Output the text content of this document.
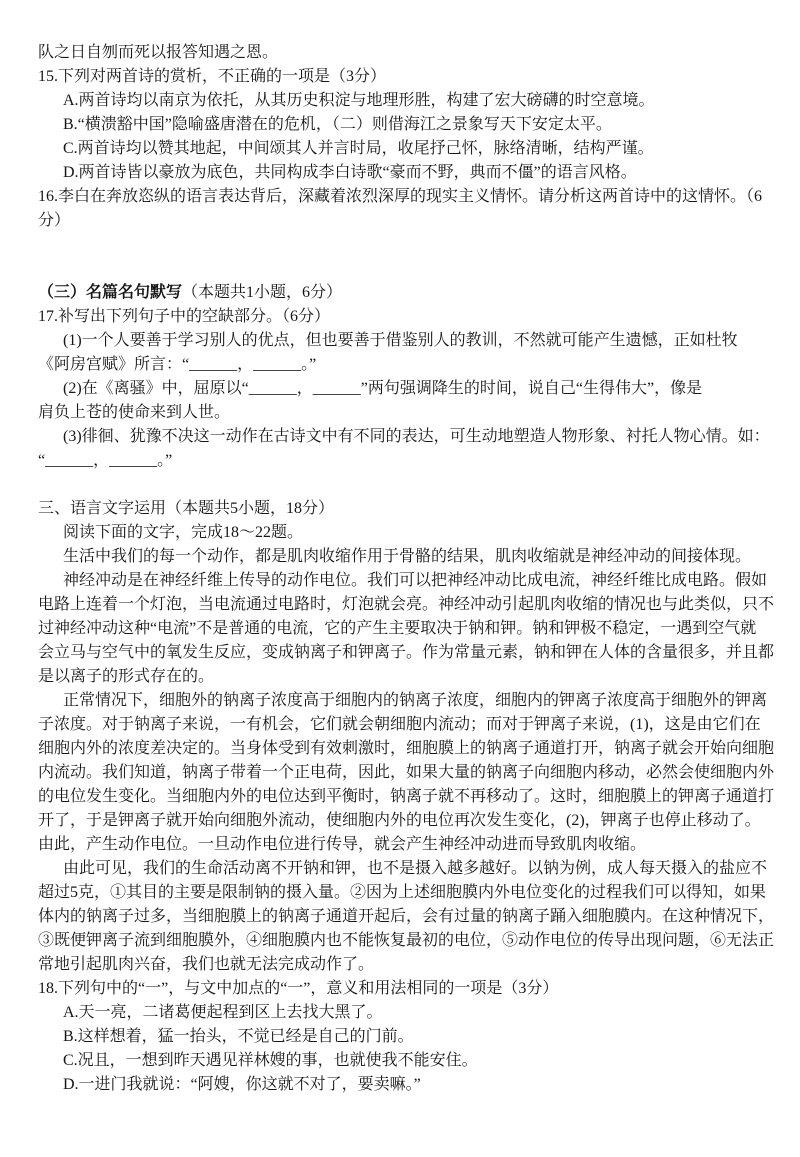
队之日自刎而死以报答知遇之恩。
15.下列对两首诗的赏析，不正确的一项是（3分）
A.两首诗均以南京为依托，从其历史积淀与地理形胜，构建了宏大磅礴的时空意境。
B.“横溃豁中国”隐喻盛唐潜在的危机，（二）则借海江之景象写天下安定太平。
C.两首诗均以赞其地起，中间颂其人并言时局，收尾抒己怀，脉络清晰，结构严谨。
D.两首诗皆以豪放为底色，共同构成李白诗歌“豪而不野，典而不僵”的语言风格。
16.李白在奔放恣纵的语言表达背后，深藏着浓烈深厚的现实主义情怀。请分析这两首诗中的这情怀。（6
分）

（三）名篇名句默写（本题共1小题，6分）
17.补写出下列句子中的空缺部分。（6分）
(1)一个人要善于学习别人的优点，但也要善于借鉴别人的教训，不然就可能产生遗憾，正如杜牧
《阿房宫赋》所言：“______，______。”
(2)在《离骚》中，屈原以“______，______”两句强调降生的时间，说自己“生得伟大”，像是
肩负上苍的使命来到人世。
(3)徘徊、犹豫不决这一动作在古诗文中有不同的表达，可生动地塑造人物形象、衬托人物心情。如：
“______，______。”

三、语言文字运用（本题共5小题，18分）
阅读下面的文字，完成18～22题。
生活中我们的每一个动作，都是肌肉收缩作用于骨骼的结果，肌肉收缩就是神经冲动的间接体现。
神经冲动是在神经纤维上传导的动作电位。我们可以把神经冲动比成电流，神经纤维比成电路。假如
电路上连着一个灯泡，当电流通过电路时，灯泡就会亮。神经冲动引起肌肉收缩的情况也与此类似，只不
过神经冲动这种“电流”不是普通的电流，它的产生主要取决于钠和钾。钠和钾极不稳定，一遇到空气就
会立马与空气中的氧发生反应，变成钠离子和钾离子。作为常量元素，钠和钾在人体的含量很多，并且都
是以离子的形式存在的。
正常情况下，细胞外的钠离子浓度高于细胞内的钠离子浓度，细胞内的钾离子浓度高于细胞外的钾离
子浓度。对于钠离子来说，一有机会，它们就会朝细胞内流动；而对于钾离子来说，(1)，这是由它们在
细胞内外的浓度差决定的。当身体受到有效刺激时，细胞膜上的钠离子通道打开，钠离子就会开始向细胞
内流动。我们知道，钠离子带着一个正电荷，因此，如果大量的钠离子向细胞内移动，必然会使细胞内外
的电位发生变化。当细胞内外的电位达到平衡时，钠离子就不再移动了。这时，细胞膜上的钾离子通道打
开了，于是钾离子就开始向细胞外流动，使细胞内外的电位再次发生变化，(2)，钾离子也停止移动了。
由此，产生动作电位。一旦动作电位进行传导，就会产生神经冲动进而导致肌肉收缩。
由此可见，我们的生命活动离不开钠和钾，也不是摄入越多越好。以钠为例，成人每天摄入的盐应不
超过5克，①其目的主要是限制钠的摄入量。②因为上述细胞膜内外电位变化的过程我们可以得知，如果
体内的钠离子过多，当细胞膜上的钠离子通道开起后，会有过量的钠离子踊入细胞膜内。在这种情况下，
③既便钾离子流到细胞膜外，④细胞膜内也不能恢复最初的电位，⑤动作电位的传导出现问题，⑥无法正
常地引起肌肉兴奋，我们也就无法完成动作了。
18.下列句中的“一”，与文中加点的“一”，意义和用法相同的一项是（3分）
A.天一亮，二诸葛便起程到区上去找大黑了。
B.这样想着，猛一抬头，不觉已经是自己的门前。
C.况且，一想到昨天遇见祥林嫂的事，也就使我不能安住。
D.一进门我就说：“阿嫂，你这就不对了，要卖嘛。”
